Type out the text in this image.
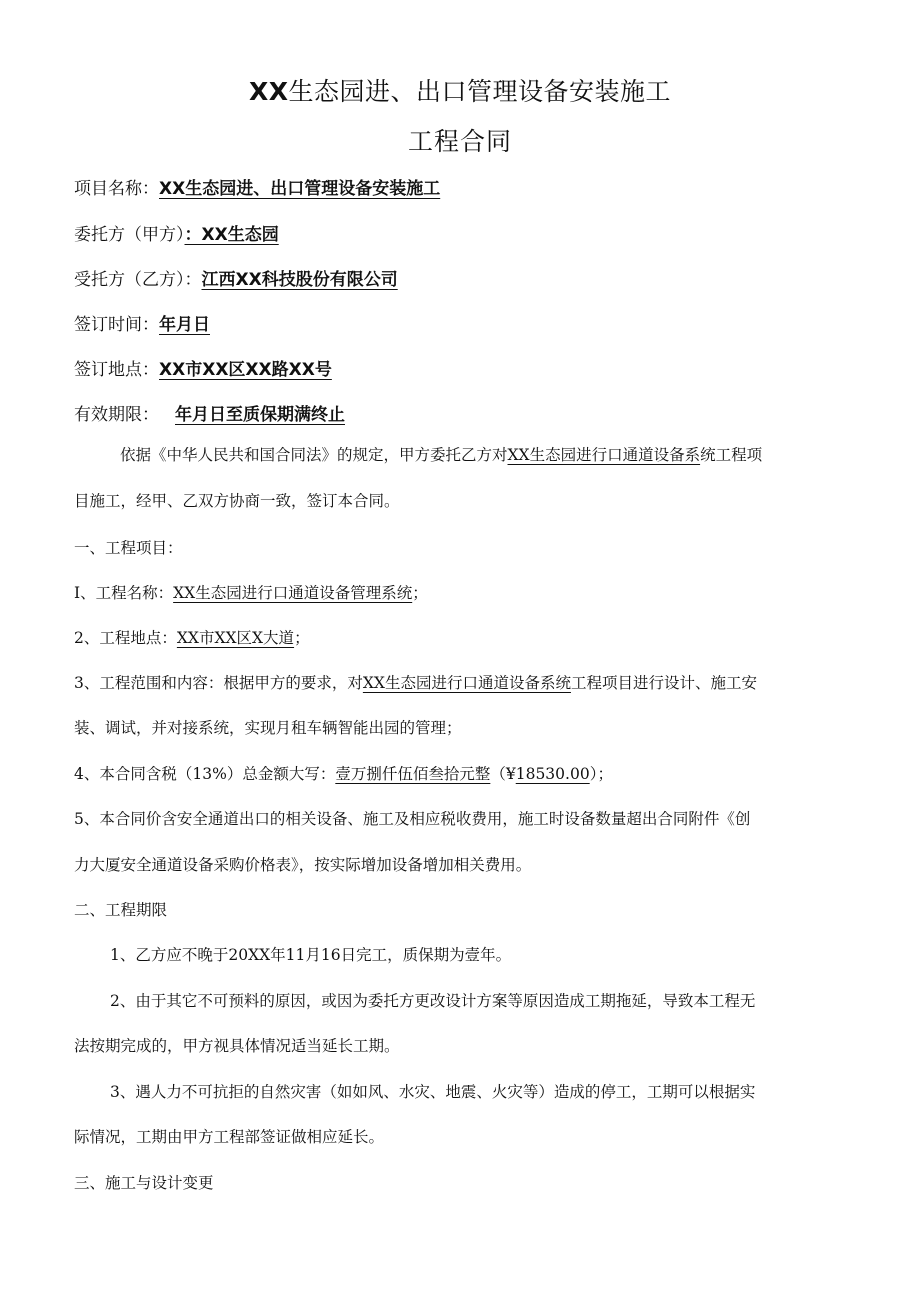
XX生态园进、出口管理设备安装施工
工程合同
项目名称：XX生态园进、出口管理设备安装施工
委托方（甲方）：XX生态园
受托方（乙方）：江西XX科技股份有限公司
签订时间：年月日
签订地点：XX市XX区XX路XX号
有效期限： 年月日至质保期满终止
依据《中华人民共和国合同法》的规定，甲方委托乙方对XX生态园进行口通道设备系统工程项
目施工，经甲、乙双方协商一致，签订本合同。
一、工程项目：
I、工程名称：XX生态园进行口通道设备管理系统；
2、工程地点：XX市XX区X大道；
3、工程范围和内容：根据甲方的要求，对XX生态园进行口通道设备系统工程项目进行设计、施工安
装、调试，并对接系统，实现月租车辆智能出园的管理；
4、本合同含税（13%）总金额大写：壹万捌仟伍佰叁拾元整（¥18530.00）；
5、本合同价含安全通道出口的相关设备、施工及相应税收费用，施工时设备数量超出合同附件《创
力大厦安全通道设备采购价格表》，按实际增加设备增加相关费用。
二、工程期限
1、乙方应不晚于20XX年11月16日完工，质保期为壹年。
2、由于其它不可预料的原因，或因为委托方更改设计方案等原因造成工期拖延，导致本工程无
法按期完成的，甲方视具体情况适当延长工期。
3、遇人力不可抗拒的自然灾害（如如风、水灾、地震、火灾等）造成的停工，工期可以根据实
际情况，工期由甲方工程部签证做相应延长。
三、施工与设计变更
